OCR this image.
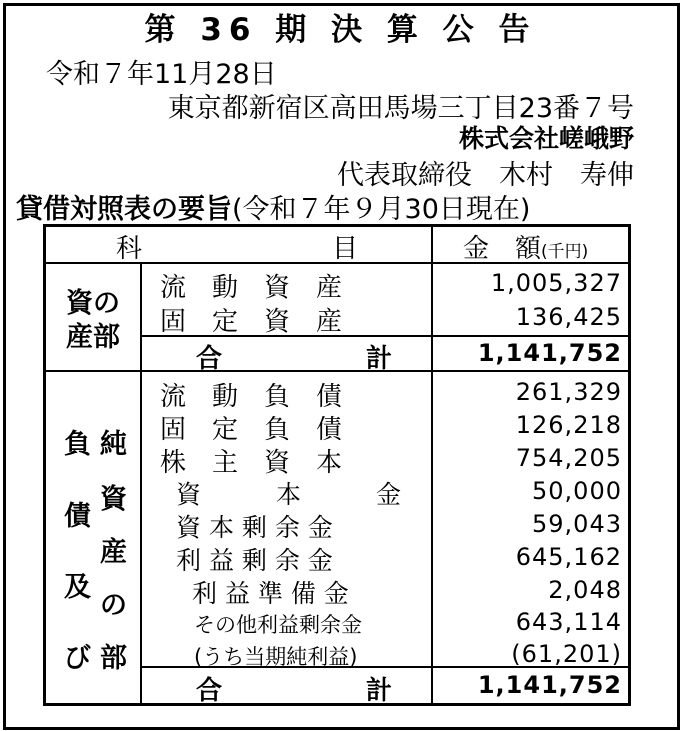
第 36 期 決 算 公 告
令和７年11月28日
東京都新宿区高田馬場三丁目23番７号
株式会社嵯峨野
代表取締役　木村　寿伸
貸借対照表の要旨(令和７年９月30日現在)
科	目	金　額(千円)
資の
産部
流　動　資　産	1,005,327
固　定　資　産	136,425
合	計	1,141,752
負
債
及
び
純
資
産
の
部
流　動　負　債	261,329
固　定　負　債	126,218
株　主　資　本	754,205
資　　　本　　　金	50,000
資 本 剰 余 金	59,043
利 益 剰 余 金	645,162
利 益 準 備 金	2,048
その他利益剰余金	643,114
(うち当期純利益)	(61,201)
合	計	1,141,752
